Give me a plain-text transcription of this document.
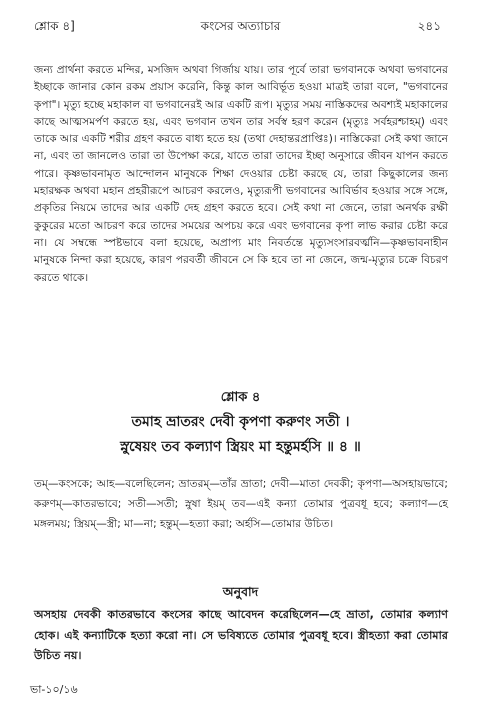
কংসের অত্যাচার
শ্লোক ৪]	২৪১
জন্য প্রার্থনা করতে মন্দির, মসজিদ অথবা গির্জায় যায়। তার পূর্বে তারা ভগবানকে অথবা ভগবানের ইচ্ছাকে জানার কোন রকম প্রয়াস করেনি, কিন্তু কাল আবির্ভূত হওয়া মাত্রই তারা বলে, "ভগবানের কৃপা"। মৃত্যু হচ্ছে মহাকাল বা ভগবানেরই আর একটি রূপ। মৃত্যুর সময় নাস্তিকদের অবশ্যই মহাকালের কাছে আত্মসমর্পণ করতে হয়, এবং ভগবান তখন তার সর্বস্ব হরণ করেন (মৃত্যুঃ সর্বহরশ্চাহম্) এবং তাকে আর একটি শরীর গ্রহণ করতে বাধ্য হতে হয় (তথা দেহান্তরপ্রাপ্তিঃ)। নাস্তিকেরা সেই কথা জানে না, এবং তা জানলেও তারা তা উপেক্ষা করে, যাতে তারা তাদের ইচ্ছা অনুসারে জীবন যাপন করতে পারে। কৃষ্ণভাবনামৃত আন্দোলন মানুষকে শিক্ষা দেওয়ার চেষ্টা করছে যে, তারা কিছুকালের জন্য মহারক্ষক অথবা মহান প্রহরীরূপে আচরণ করলেও, মৃত্যুরূপী ভগবানের আবির্ভাব হওয়ার সঙ্গে সঙ্গে, প্রকৃতির নিয়মে তাদের আর একটি দেহ গ্রহণ করতে হবে। সেই কথা না জেনে, তারা অনর্থক রক্ষী কুকুরের মতো আচরণ করে তাদের সময়ের অপচয় করে এবং ভগবানের কৃপা লাভ করার চেষ্টা করে না। যে সম্বন্ধে স্পষ্টভাবে বলা হয়েছে, অপ্রাপ্য মাং নিবর্তন্তে মৃত্যুসংসারবর্ত্মনি—কৃষ্ণভাবনাহীন মানুষকে নিন্দা করা হয়েছে, কারণ পরবর্তী জীবনে সে কি হবে তা না জেনে, জন্ম-মৃত্যুর চক্রে বিচরণ করতে থাকে।
শ্লোক ৪
তমাহ ভ্রাতরং দেবী কৃপণা করুণং সতী ।
স্নুষেয়ং তব কল্যাণ স্ত্রিয়ং মা হন্তুমর্হসি ॥ ৪ ॥
তম্—কংসকে; আহ—বলেছিলেন; ভ্রাতরম্—তাঁর ভ্রাতা; দেবী—মাতা দেবকী; কৃপণা—অসহায়ভাবে; করুণম্—কাতরভাবে; সতী—সতী; স্নুষা ইয়ম্ তব—এই কন্যা তোমার পুত্রবধূ হবে; কল্যাণ—হে মঙ্গলময়; স্ত্রিয়ম্—স্ত্রী; মা—না; হন্তুম্—হত্যা করা; অর্হসি—তোমার উচিত।
অনুবাদ
অসহায় দেবকী কাতরভাবে কংসের কাছে আবেদন করেছিলেন—হে ভ্রাতা, তোমার কল্যাণ হোক। এই কন্যাটিকে হত্যা করো না। সে ভবিষ্যতে তোমার পুত্রবধূ হবে। স্ত্রীহত্যা করা তোমার উচিত নয়।
ভা-১০/১৬
